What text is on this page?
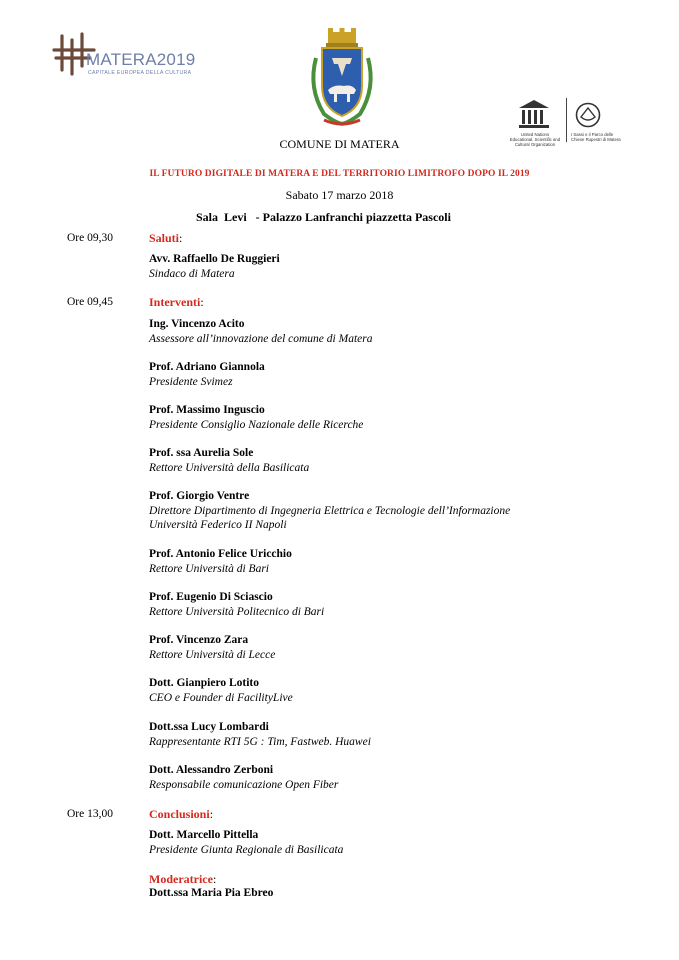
MATERA2019
CAPITALE EUROPEA DELLA CULTURA
United Nations
Educational, Scientific and
Cultural Organization
I Sassi e il Parco delle
Chiese Rupestri di Matera
COMUNE DI MATERA
IL FUTURO DIGITALE DI MATERA E DEL TERRITORIO LIMITROFO DOPO IL 2019
Sabato 17 marzo 2018
Sala  Levi   - Palazzo Lanfranchi piazzetta Pascoli
Ore 09,30	Saluti:
Avv. Raffaello De Ruggieri
Sindaco di Matera
Ore 09,45	Interventi:
Ing. Vincenzo Acito
Assessore all’innovazione del comune di Matera
Prof. Adriano Giannola
Presidente Svimez
Prof. Massimo Inguscio
Presidente Consiglio Nazionale delle Ricerche
Prof. ssa Aurelia Sole
Rettore Università della Basilicata
Prof. Giorgio Ventre
Direttore Dipartimento di Ingegneria Elettrica e Tecnologie dell’Informazione
Università Federico II Napoli
Prof. Antonio Felice Uricchio
Rettore Università di Bari
Prof. Eugenio Di Sciascio
Rettore Università Politecnico di Bari
Prof. Vincenzo Zara
Rettore Università di Lecce
Dott. Gianpiero Lotito
CEO e Founder di FacilityLive
Dott.ssa Lucy Lombardi
Rappresentante RTI 5G : Tim, Fastweb. Huawei
Dott. Alessandro Zerboni
Responsabile comunicazione Open Fiber
Ore 13,00	Conclusioni:
Dott. Marcello Pittella
Presidente Giunta Regionale di Basilicata
Moderatrice:
Dott.ssa Maria Pia Ebreo
